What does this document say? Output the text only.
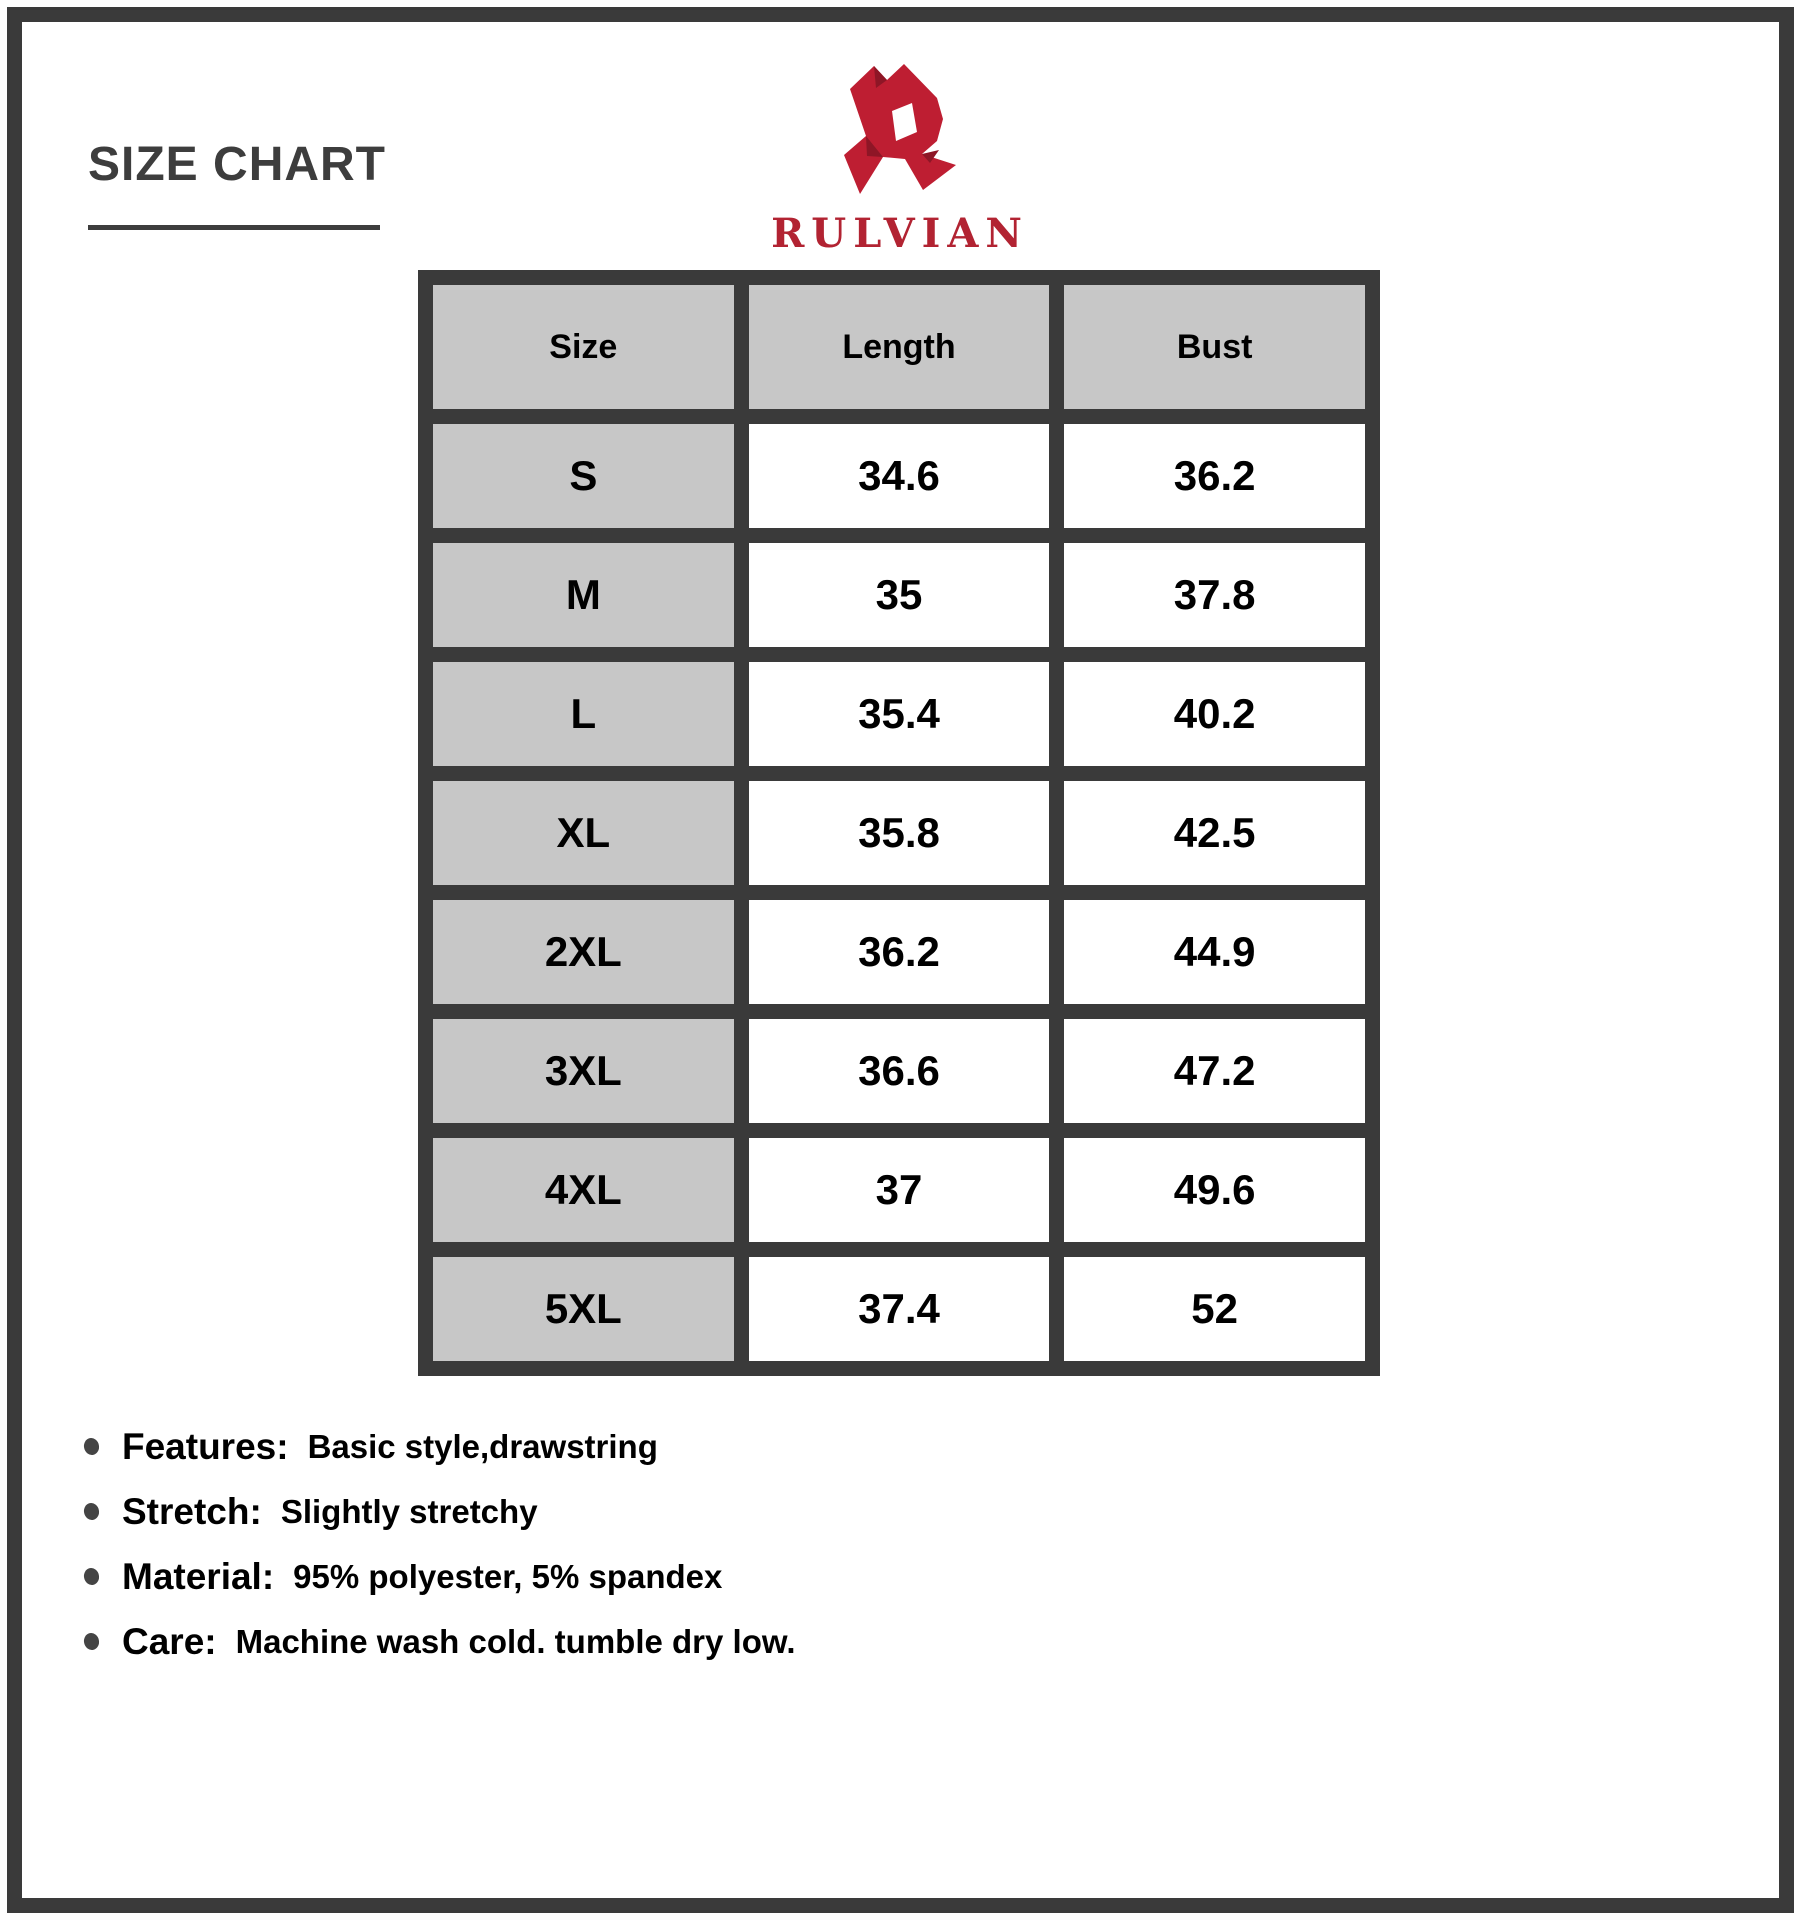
SIZE CHART
RULVIAN
Size	Length	Bust
S	34.6	36.2
M	35	37.8
L	35.4	40.2
XL	35.8	42.5
2XL	36.2	44.9
3XL	36.6	47.2
4XL	37	49.6
5XL	37.4	52
Features: Basic style,drawstring
Stretch: Slightly stretchy
Material: 95% polyester, 5% spandex
Care: Machine wash cold. tumble dry low.
